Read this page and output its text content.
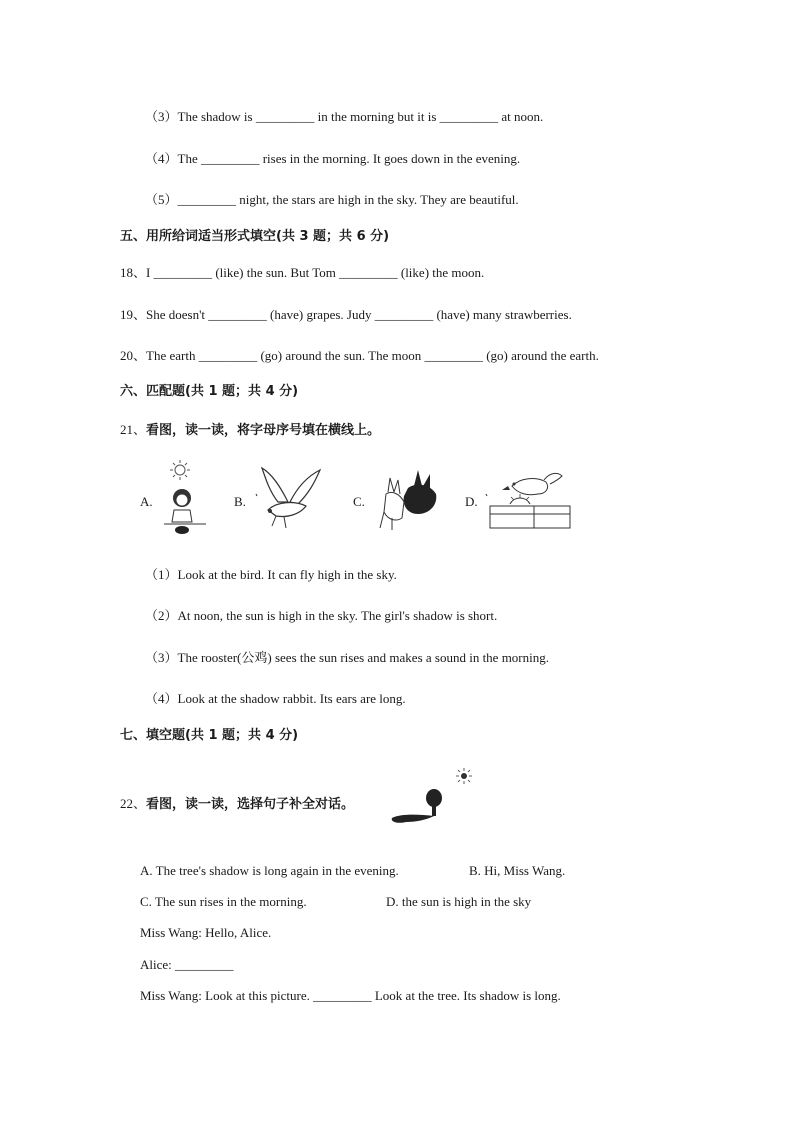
（3）The shadow is _________ in the morning but it is _________ at noon.
（4）The _________ rises in the morning. It goes down in the evening.
（5）_________ night, the stars are high in the sky. They are beautiful.
五、用所给词适当形式填空(共 3 题；共 6 分)
18、I _________ (like) the sun. But Tom _________ (like) the moon.
19、She doesn't _________ (have) grapes. Judy _________ (have) many strawberries.
20、The earth _________ (go) around the sun. The moon _________ (go) around the earth.
六、匹配题(共 1 题；共 4 分)
21、看图，读一读，将字母序号填在横线上。
A.	B.	C.	D.
（1）Look at the bird. It can fly high in the sky.
（2）At noon, the sun is high in the sky. The girl's shadow is short.
（3）The rooster(公鸡) sees the sun rises and makes a sound in the morning.
（4）Look at the shadow rabbit. Its ears are long.
七、填空题(共 1 题；共 4 分)
22、看图，读一读，选择句子补全对话。
A. The tree's shadow is long again in the evening.	B. Hi, Miss Wang.
C. The sun rises in the morning.	D. the sun is high in the sky
Miss Wang: Hello, Alice.
Alice: _________
Miss Wang: Look at this picture. _________ Look at the tree. Its shadow is long.
